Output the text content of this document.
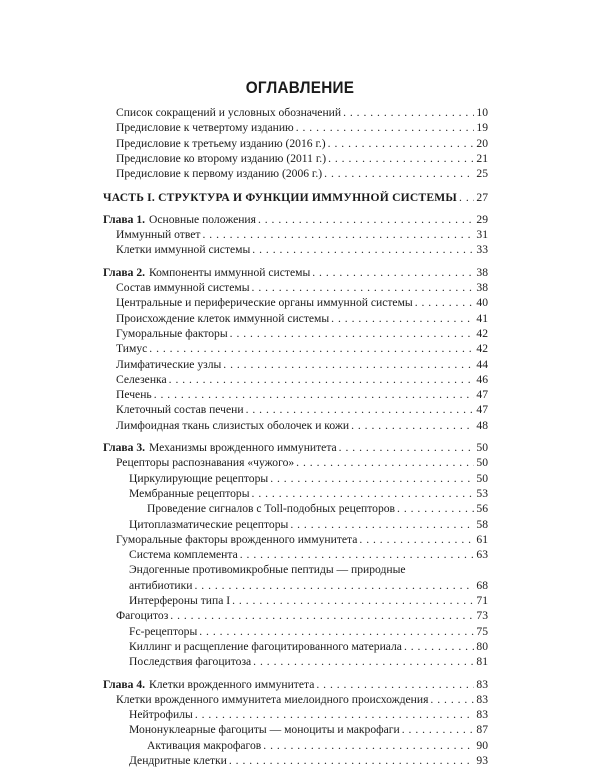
ОГЛАВЛЕНИЕ
Список сокращений и условных обозначений . . .	10
Предисловие к четвертому изданию . . .	19
Предисловие к третьему изданию (2016 г.) . . .	20
Предисловие ко второму изданию (2011 г.) . . .	21
Предисловие к первому изданию (2006 г.) . . .	25
ЧАСТЬ I. СТРУКТУРА И ФУНКЦИИ ИММУННОЙ СИСТЕМЫ . . . 27
Глава 1. Основные положения . . .	29
Иммунный ответ . . .	31
Клетки иммунной системы . . .	33
Глава 2. Компоненты иммунной системы . . .	38
Состав иммунной системы . . .	38
Центральные и периферические органы иммунной системы . . .	40
Происхождение клеток иммунной системы . . .	41
Гуморальные факторы . . .	42
Тимус . . .	42
Лимфатические узлы . . .	44
Селезенка . . .	46
Печень . . .	47
Клеточный состав печени . . .	47
Лимфоидная ткань слизистых оболочек и кожи . . .	48
Глава 3. Механизмы врожденного иммунитета . . .	50
Рецепторы распознавания «чужого» . . .	50
Циркулирующие рецепторы . . .	50
Мембранные рецепторы . . .	53
Проведение сигналов с Toll-подобных рецепторов . . .	56
Цитоплазматические рецепторы . . .	58
Гуморальные факторы врожденного иммунитета . . .	61
Система комплемента . . .	63
Эндогенные противомикробные пептиды — природные
антибиотики . . .	68
Интерфероны типа I . . .	71
Фагоцитоз . . .	73
Fc-рецепторы . . .	75
Киллинг и расщепление фагоцитированного материала . . .	80
Последствия фагоцитоза . . .	81
Глава 4. Клетки врожденного иммунитета . . .	83
Клетки врожденного иммунитета миелоидного происхождения . . .	83
Нейтрофилы . . .	83
Мононуклеарные фагоциты — моноциты и макрофаги . . .	87
Активация макрофагов . . .	90
Дендритные клетки . . .	93
